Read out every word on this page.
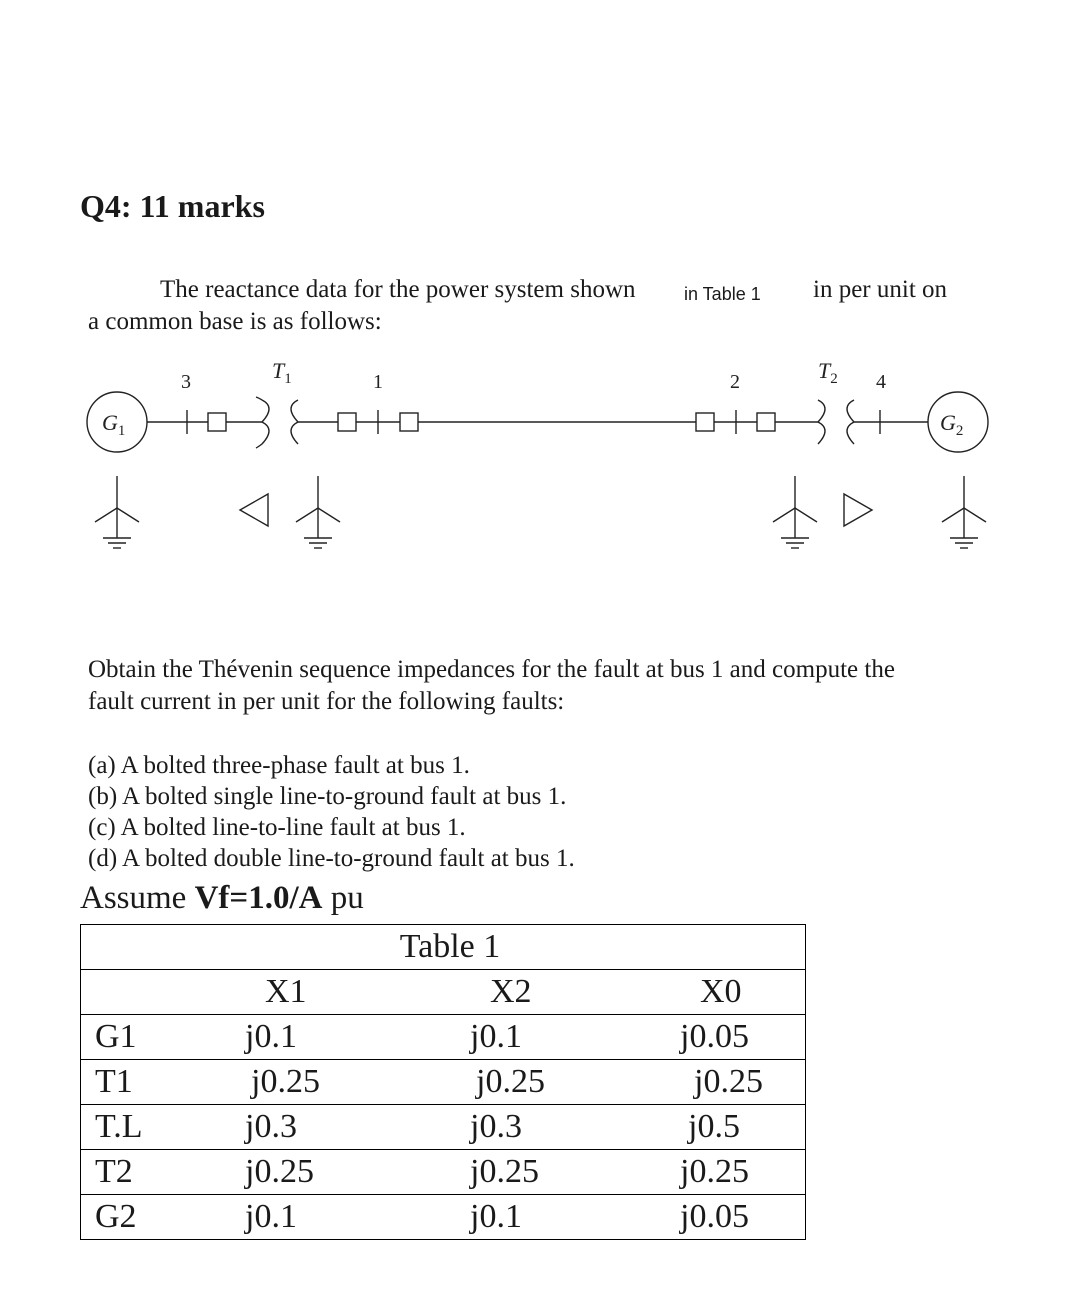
Q4: 11 marks
The reactance data for the power system shown	in Table 1 in per unit on
a common base is as follows:
$G_1$	$G_2$
$T_1$	$T_2$
3	1	2	4
Obtain the Thévenin sequence impedances for the fault at bus 1 and compute the
fault current in per unit for the following faults:
(a) A bolted three-phase fault at bus 1.
(b) A bolted single line-to-ground fault at bus 1.
(c) A bolted line-to-line fault at bus 1.
(d) A bolted double line-to-ground fault at bus 1.
Assume Vf=1.0/A pu
Table 1			
	X1	X2	X0
G1	j0.1	j0.1	j0.05
T1	j0.25	j0.25	j0.25
T.L	j0.3	j0.3	j0.5
T2	j0.25	j0.25	j0.25
G2	j0.1	j0.1	j0.05
